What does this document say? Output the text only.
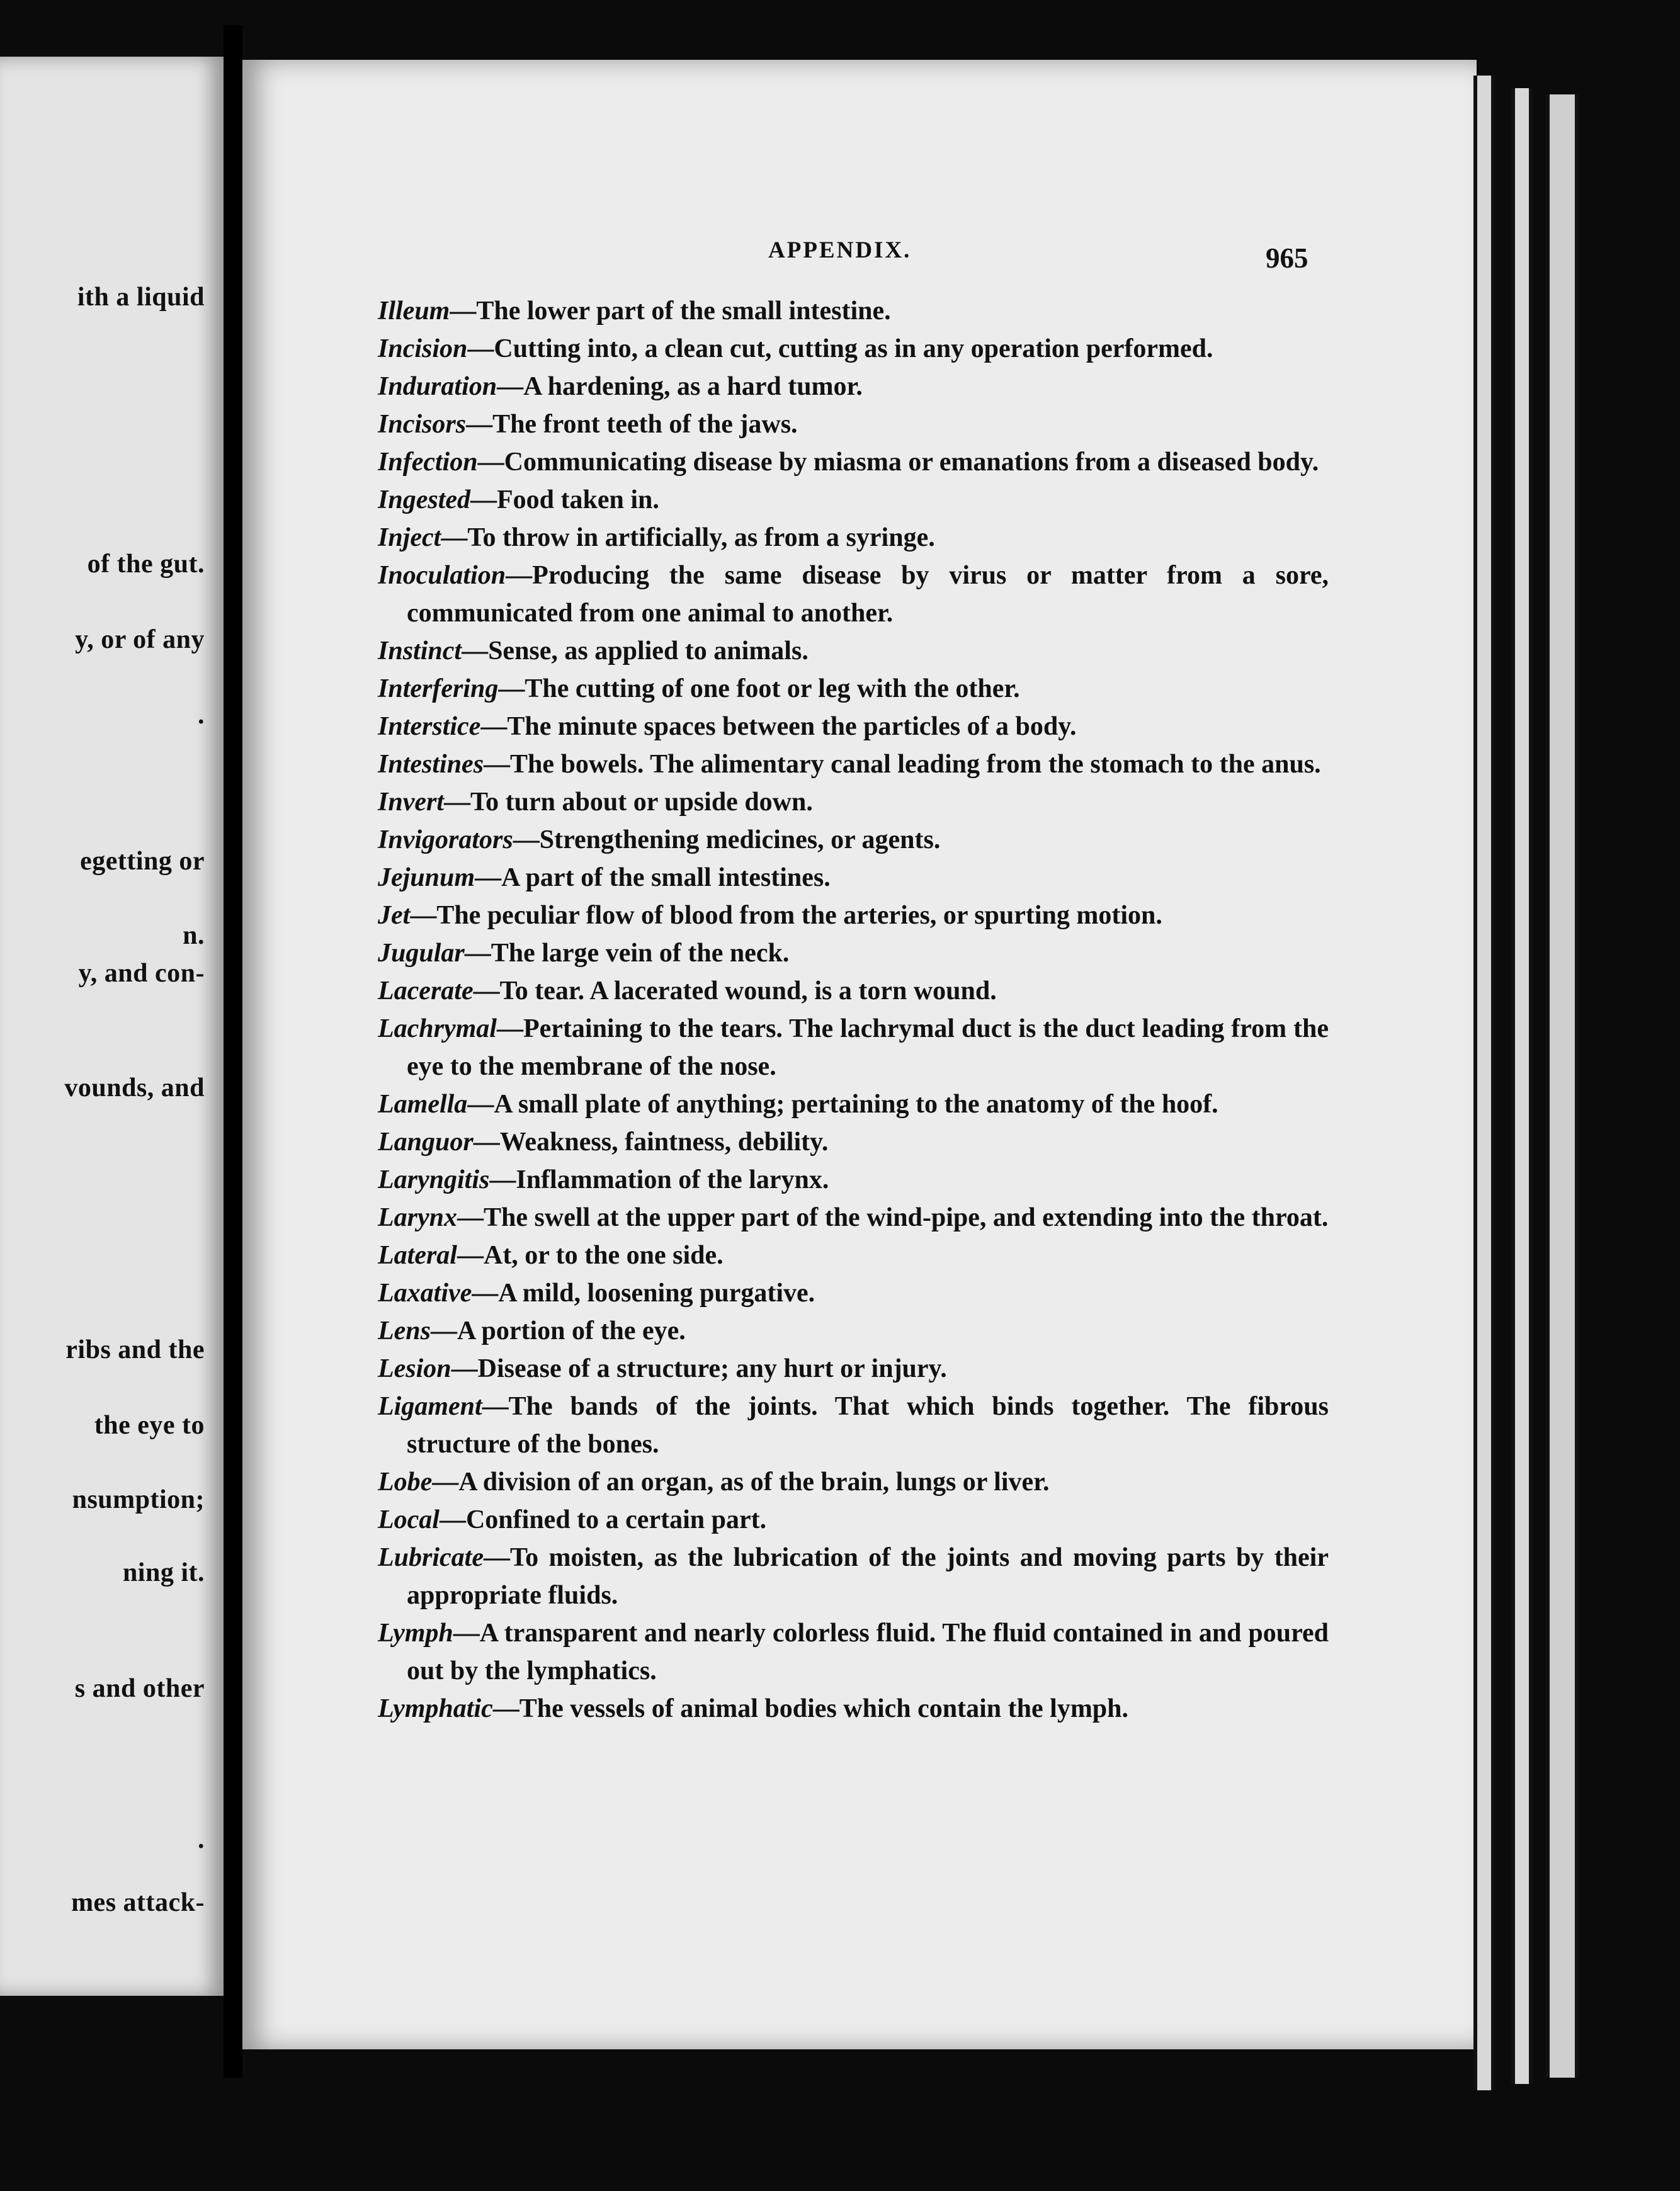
ith a liquid
of the gut.
y, or of any
.
egetting or
n.
y, and con-
vounds, and
ribs and the
the eye to
nsumption;
ning it.
s and other
.
mes attack-
APPENDIX.	965
Illeum—The lower part of the small intestine.
Incision—Cutting into, a clean cut, cutting as in any operation performed.
Induration—A hardening, as a hard tumor.
Incisors—The front teeth of the jaws.
Infection—Communicating disease by miasma or emanations from a diseased body.
Ingested—Food taken in.
Inject—To throw in artificially, as from a syringe.
Inoculation—Producing the same disease by virus or matter from a sore, communicated from one animal to another.
Instinct—Sense, as applied to animals.
Interfering—The cutting of one foot or leg with the other.
Interstice—The minute spaces between the particles of a body.
Intestines—The bowels. The alimentary canal leading from the stomach to the anus.
Invert—To turn about or upside down.
Invigorators—Strengthening medicines, or agents.
Jejunum—A part of the small intestines.
Jet—The peculiar flow of blood from the arteries, or spurting motion.
Jugular—The large vein of the neck.
Lacerate—To tear. A lacerated wound, is a torn wound.
Lachrymal—Pertaining to the tears. The lachrymal duct is the duct leading from the eye to the membrane of the nose.
Lamella—A small plate of anything; pertaining to the anatomy of the hoof.
Languor—Weakness, faintness, debility.
Laryngitis—Inflammation of the larynx.
Larynx—The swell at the upper part of the wind-pipe, and extending into the throat.
Lateral—At, or to the one side.
Laxative—A mild, loosening purgative.
Lens—A portion of the eye.
Lesion—Disease of a structure; any hurt or injury.
Ligament—The bands of the joints. That which binds together. The fibrous structure of the bones.
Lobe—A division of an organ, as of the brain, lungs or liver.
Local—Confined to a certain part.
Lubricate—To moisten, as the lubrication of the joints and moving parts by their appropriate fluids.
Lymph—A transparent and nearly colorless fluid. The fluid contained in and poured out by the lymphatics.
Lymphatic—The vessels of animal bodies which contain the lymph.
